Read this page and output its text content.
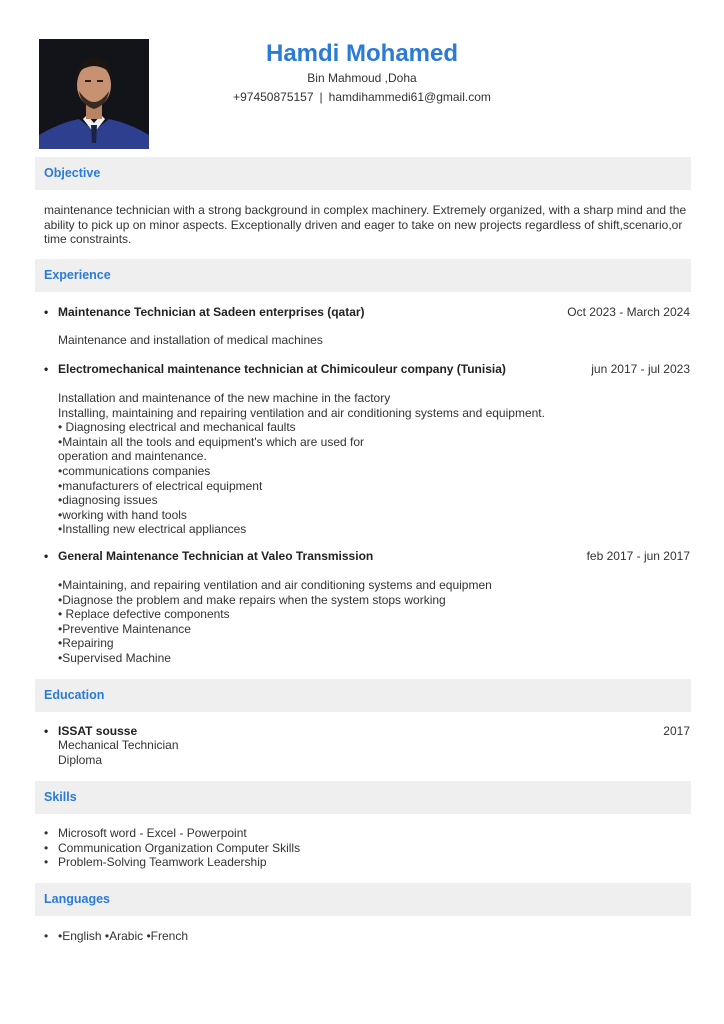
Hamdi Mohamed
Bin Mahmoud ,Doha
+97450875157 | hamdihammedi61@gmail.com
Objective

maintenance technician with a strong background in complex machinery. Extremely organized, with a sharp mind and the ability to pick up on minor aspects. Exceptionally driven and eager to take on new projects regardless of shift,scenario,or time constraints.

Experience
• Maintenance Technician at Sadeen enterprises (qatar)	Oct 2023 - March 2024
Maintenance and installation of medical machines
• Electromechanical maintenance technician at Chimicouleur company (Tunisia)	jun 2017 - jul 2023
Installation and maintenance of the new machine in the factory
Installing, maintaining and repairing ventilation and air conditioning systems and equipment.
• Diagnosing electrical and mechanical faults
•Maintain all the tools and equipment's which are used for
operation and maintenance.
•communications companies
•manufacturers of electrical equipment
•diagnosing issues
•working with hand tools
•Installing new electrical appliances
• General Maintenance Technician at Valeo Transmission	feb 2017 - jun 2017
•Maintaining, and repairing ventilation and air conditioning systems and equipmen
•Diagnose the problem and make repairs when the system stops working
• Replace defective components
•Preventive Maintenance
•Repairing
•Supervised Machine
Education
• ISSAT sousse	2017
Mechanical Technician
Diploma
Skills
• Microsoft word - Excel - Powerpoint
• Communication Organization Computer Skills
• Problem-Solving Teamwork Leadership
Languages
• •English •Arabic •French
